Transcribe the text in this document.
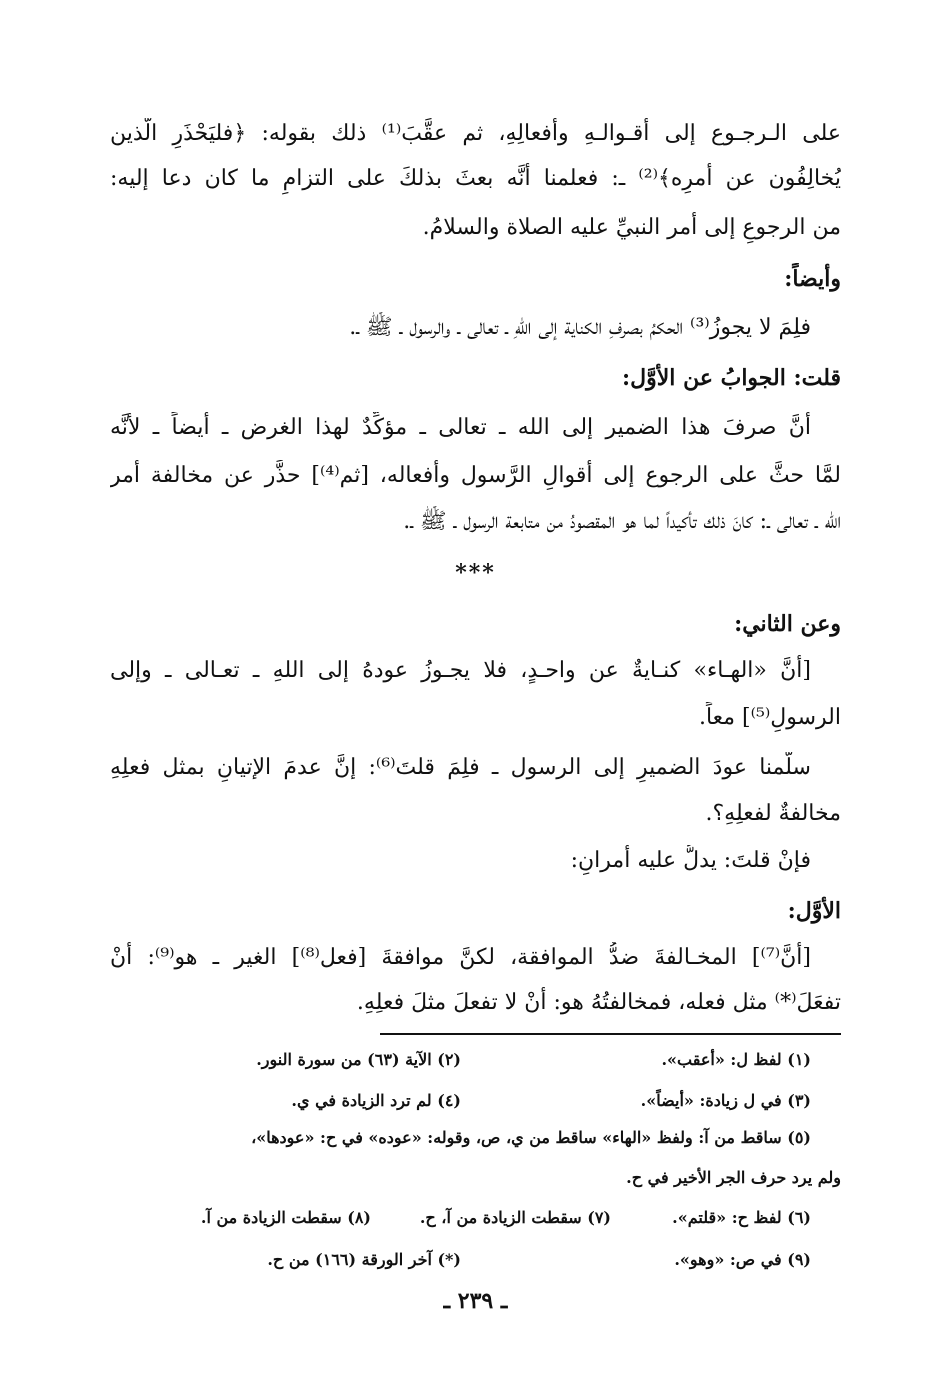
على الـرجـوع إلى أقـوالـهِ وأفعالِهِ، ثم عقَّبَ⁽¹⁾ ذلك بقوله: ﴿فليَحْذَرِ الَّذين
يُخالِفُون عن أمرِه﴾⁽²⁾ ـ: فعلمنا أنَّه بعثَ بذلكَ على التزامِ ما كان دعا إليه:
من الرجوعِ إلى أمر النبيِّ عليه الصلاة والسلامُ.
وأيضاً:
فلِمَ لا يجوزُ⁽³⁾ الحكمُ بصرفِ الكناية إلى اللهِ ـ تعالى ـ والرسول ـ ﷺ ـ.
قلت: الجوابُ عن الأوَّل:
أنَّ صرفَ هذا الضمير إلى الله ـ تعالى ـ مؤكِّدٌ لهذا الغرض ـ أيضاً ـ لأنَّه
لمَّا حثَّ على الرجوع إلى أقوالِ الرَّسول وأفعاله، [ثم⁽⁴⁾] حذَّر عن مخالفة أمر
الله ـ تعالى ـ: كانَ ذلك تأكيداً لما هو المقصودُ من متابعة الرسول ـ ﷺ ـ.
***
وعن الثاني:
[أنَّ «الهـاء» كنـايةٌ عن واحـدٍ، فلا يجـوزُ عودهُ إلى اللهِ ـ تعـالى ـ وإلى
الرسولِ⁽⁵⁾] معاً.
سلَّمنا عودَ الضميرِ إلى الرسول ـ فلِمَ قلتَ⁽⁶⁾: إنَّ عدمَ الإتيانِ بمثل فعلِهِ
مخالفةٌ لفعلِهِ؟.
فإنْ قلتَ: يدلُّ عليه أمرانِ:
الأوَّل:
[أنَّ⁽⁷⁾] المخـالفةَ ضدُّ الموافقة، لكنَّ موافقةَ [فعل⁽⁸⁾] الغير ـ هو⁽⁹⁾: أنْ
تفعَلَ⁽*⁾ مثل فعله، فمخالفتُهُ هو: أنْ لا تفعلَ مثلَ فعلِهِ.
(١) لفظ ل: «أعقب».
(٢) الآية (٦٣) من سورة النور.
(٣) في ل زيادة: «أيضاً».
(٤) لم ترد الزيادة في ي.
(٥) ساقط من آ: ولفظ «الهاء» ساقط من ي، ص، وقوله: «عوده» في ح: «عودها»،
ولم يرد حرف الجر الأخير في ح.
(٦) لفظ ح: «قلتم».
(٧) سقطت الزيادة من آ، ح.
(٨) سقطت الزيادة من آ.
(٩) في ص: «وهو».
(*) آخر الورقة (١٦٦) من ح.
ـ ٢٣٩ ـ
